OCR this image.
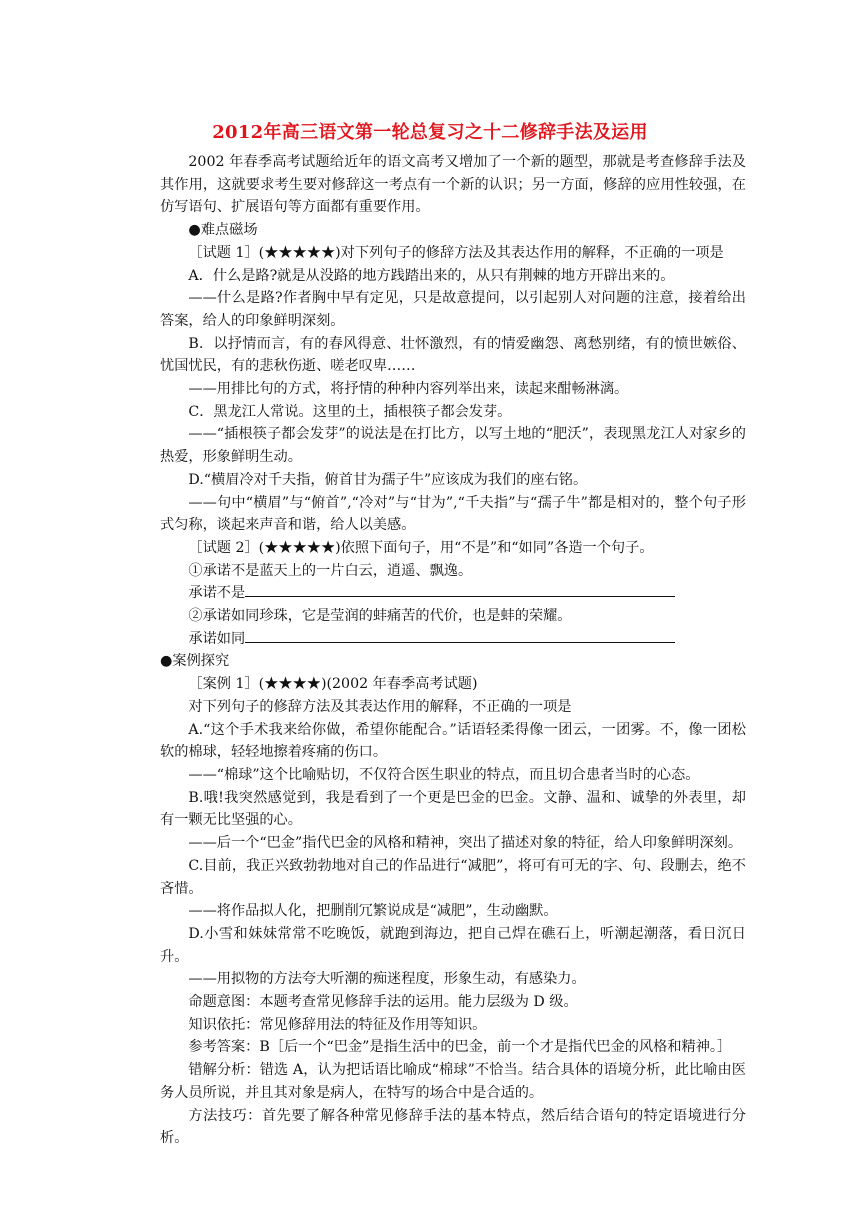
2012年高三语文第一轮总复习之十二修辞手法及运用

2002 年春季高考试题给近年的语文高考又增加了一个新的题型，那就是考查修辞手法及其作用，这就要求考生要对修辞这一考点有一个新的认识；另一方面，修辞的应用性较强，在仿写语句、扩展语句等方面都有重要作用。

●难点磁场

［试题 1］(★★★★★)对下列句子的修辞方法及其表达作用的解释，不正确的一项是

A．什么是路?就是从没路的地方践踏出来的，从只有荆棘的地方开辟出来的。

——什么是路?作者胸中早有定见，只是故意提问，以引起别人对问题的注意，接着给出答案，给人的印象鲜明深刻。

B．以抒情而言，有的春风得意、壮怀激烈，有的情爱幽怨、离愁别绪，有的愤世嫉俗、忧国忧民，有的悲秋伤逝、嗟老叹卑……

——用排比句的方式，将抒情的种种内容列举出来，读起来酣畅淋漓。

C．黑龙江人常说。这里的土，插根筷子都会发芽。

——“插根筷子都会发芽”的说法是在打比方，以写土地的“肥沃”，表现黑龙江人对家乡的热爱，形象鲜明生动。

D.“横眉冷对千夫指，俯首甘为孺子牛”应该成为我们的座右铭。

——句中“横眉”与“俯首”,“冷对”与“甘为”,“千夫指”与“孺子牛”都是相对的，整个句子形式匀称，谈起来声音和谐，给人以美感。

［试题 2］(★★★★★)依照下面句子，用“不是”和“如同”各造一个句子。

①承诺不是蓝天上的一片白云，逍遥、飘逸。

承诺不是

②承诺如同珍珠，它是莹润的蚌痛苦的代价，也是蚌的荣耀。

承诺如同

●案例探究

［案例 1］(★★★★)(2002 年春季高考试题)

对下列句子的修辞方法及其表达作用的解释，不正确的一项是

A.“这个手术我来给你做，希望你能配合。”话语轻柔得像一团云，一团雾。不，像一团松软的棉球，轻轻地擦着疼痛的伤口。

——“棉球”这个比喻贴切，不仅符合医生职业的特点，而且切合患者当时的心态。

B.哦!我突然感觉到，我是看到了一个更是巴金的巴金。文静、温和、诚挚的外表里，却有一颗无比坚强的心。

——后一个“巴金”指代巴金的风格和精神，突出了描述对象的特征，给人印象鲜明深刻。

C.目前，我正兴致勃勃地对自己的作品进行“减肥”，将可有可无的字、句、段删去，绝不吝惜。

——将作品拟人化，把删削冗繁说成是“减肥”，生动幽默。

D.小雪和妹妹常常不吃晚饭，就跑到海边，把自己焊在礁石上，听潮起潮落，看日沉日升。

——用拟物的方法夸大听潮的痴迷程度，形象生动，有感染力。

命题意图：本题考查常见修辞手法的运用。能力层级为 D 级。

知识依托：常见修辞用法的特征及作用等知识。

参考答案：B［后一个“巴金”是指生活中的巴金，前一个才是指代巴金的风格和精神。］

错解分析：错选 A，认为把话语比喻成“棉球”不恰当。结合具体的语境分析，此比喻由医务人员所说，并且其对象是病人，在特写的场合中是合适的。

方法技巧：首先要了解各种常见修辞手法的基本特点，然后结合语句的特定语境进行分析。
